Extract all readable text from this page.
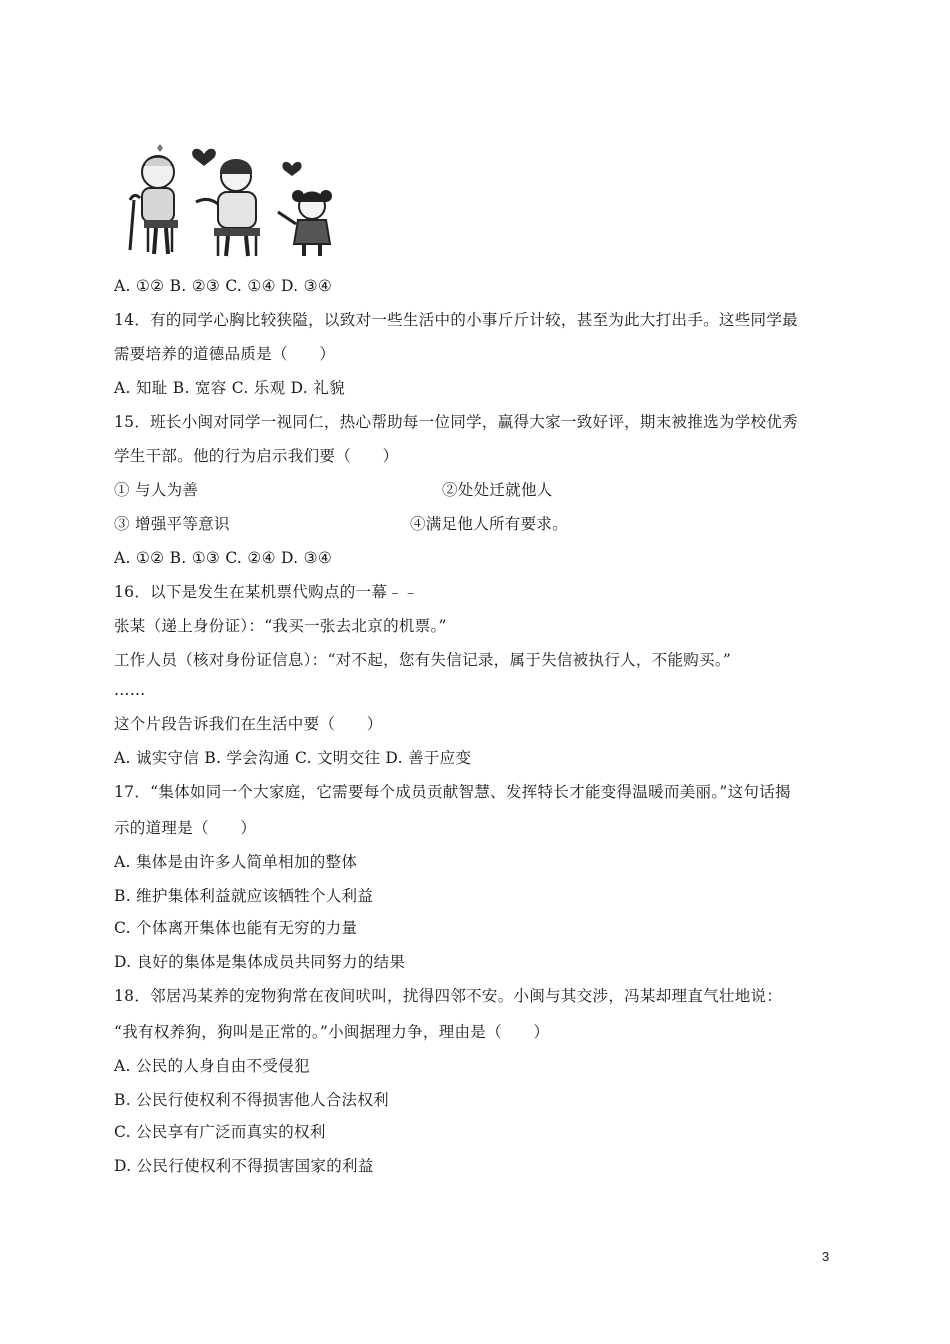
A. ①② B. ②③ C. ①④ D. ③④
14．有的同学心胸比较狭隘，以致对一些生活中的小事斤斤计较，甚至为此大打出手。这些同学最
需要培养的道德品质是（　　）
A. 知耻 B. 宽容 C. 乐观 D. 礼貌
15．班长小闽对同学一视同仁，热心帮助每一位同学，赢得大家一致好评，期末被推选为学校优秀
学生干部。他的行为启示我们要（　　）
① 与人为善	②处处迁就他人
③ 增强平等意识	④满足他人所有要求。
A. ①② B. ①③ C. ②④ D. ③④
16．以下是发生在某机票代购点的一幕﹣﹣
张某（递上身份证）：“我买一张去北京的机票。”
工作人员（核对身份证信息）：“对不起，您有失信记录，属于失信被执行人，不能购买。”
……
这个片段告诉我们在生活中要（　　）
A. 诚实守信 B. 学会沟通 C. 文明交往 D. 善于应变
17．“集体如同一个大家庭，它需要每个成员贡献智慧、发挥特长才能变得温暖而美丽。”这句话揭
示的道理是（　　）
A. 集体是由许多人简单相加的整体
B. 维护集体利益就应该牺牲个人利益
C. 个体离开集体也能有无穷的力量
D. 良好的集体是集体成员共同努力的结果
18．邻居冯某养的宠物狗常在夜间吠叫，扰得四邻不安。小闽与其交涉，冯某却理直气壮地说：
“我有权养狗，狗叫是正常的。”小闽据理力争，理由是（　　）
A. 公民的人身自由不受侵犯
B. 公民行使权利不得损害他人合法权利
C. 公民享有广泛而真实的权利
D. 公民行使权利不得损害国家的利益
3
